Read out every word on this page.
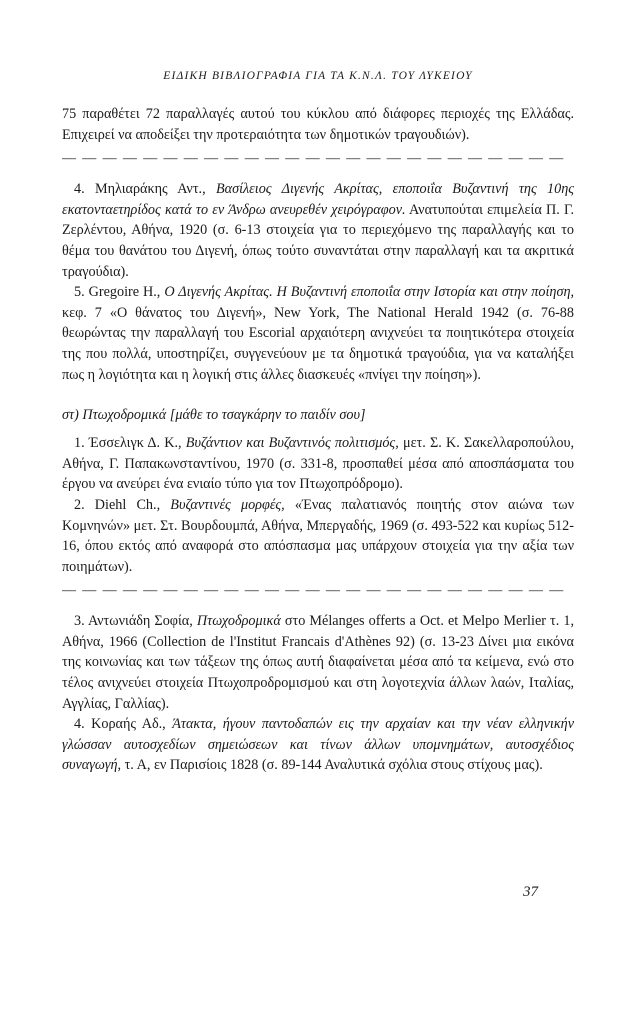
ΕΙΔΙΚΗ ΒΙΒΛΙΟΓΡΑΦΙΑ ΓΙΑ ΤΑ Κ.Ν.Λ. ΤΟΥ ΛΥΚΕΙΟΥ

75 παραθέτει 72 παραλλαγές αυτού του κύκλου από διάφορες περιοχές της Ελλάδας. Επιχειρεί να αποδείξει την προτεραιότητα των δημοτικών τραγουδιών).

— — — — — — — — — — — — — — — — — — — — — — — — —

4. Μηλιαράκης Αντ., Βασίλειος Διγενής Ακρίτας, εποποιΐα Βυζαντινή της 10ης εκατονταετηρίδος κατά το εν Άνδρω ανευρεθέν χειρόγραφον. Ανατυπούται επιμελεία Π. Γ. Ζερλέντου, Αθήνα, 1920 (σ. 6-13 στοιχεία για το περιεχόμενο της παραλλαγής και το θέμα του θανάτου του Διγενή, όπως τούτο συναντάται στην παραλλαγή και τα ακριτικά τραγούδια).

5. Gregoire H., Ο Διγενής Ακρίτας. Η Βυζαντινή εποποιΐα στην Ιστορία και στην ποίηση, κεφ. 7 «Ο θάνατος του Διγενή», New York, The National Herald 1942 (σ. 76-88 θεωρώντας την παραλλαγή του Escorial αρχαιότερη ανιχνεύει τα ποιητικότερα στοιχεία της που πολλά, υποστηρίζει, συγγενεύουν με τα δημοτικά τραγούδια, για να καταλήξει πως η λογιότητα και η λογική στις άλλες διασκευές «πνίγει την ποίηση»).

στ) Πτωχοδρομικά [μάθε το τσαγκάρην το παιδίν σου]

1. Έσσελιγκ Δ. Κ., Βυζάντιον και Βυζαντινός πολιτισμός, μετ. Σ. Κ. Σακελλαροπούλου, Αθήνα, Γ. Παπακωνσταντίνου, 1970 (σ. 331-8, προσπαθεί μέσα από αποσπάσματα του έργου να ανεύρει ένα ενιαίο τύπο για τον Πτωχοπρόδρομο).

2. Diehl Ch., Βυζαντινές μορφές, «Ένας παλατιανός ποιητής στον αιώνα των Κομνηνών» μετ. Στ. Βουρδουμπά, Αθήνα, Μπεργαδής, 1969 (σ. 493-522 και κυρίως 512-16, όπου εκτός από αναφορά στο απόσπασμα μας υπάρχουν στοιχεία για την αξία των ποιημάτων).

— — — — — — — — — — — — — — — — — — — — — — — — —

3. Αντωνιάδη Σοφία, Πτωχοδρομικά στο Mélanges offerts a Oct. et Melpo Merlier τ. 1, Αθήνα, 1966 (Collection de l'Institut Francais d'Athènes 92) (σ. 13-23 Δίνει μια εικόνα της κοινωνίας και των τάξεων της όπως αυτή διαφαίνεται μέσα από τα κείμενα, ενώ στο τέλος ανιχνεύει στοιχεία Πτωχοπροδρομισμού και στη λογοτεχνία άλλων λαών, Ιταλίας, Αγγλίας, Γαλλίας).

4. Κοραής Αδ., Άτακτα, ήγουν παντοδαπών εις την αρχαίαν και την νέαν ελληνικήν γλώσσαν αυτοσχεδίων σημειώσεων και τίνων άλλων υπομνημάτων, αυτοσχέδιος συναγωγή, τ. Α, εν Παρισίοις 1828 (σ. 89-144 Αναλυτικά σχόλια στους στίχους μας).

37
